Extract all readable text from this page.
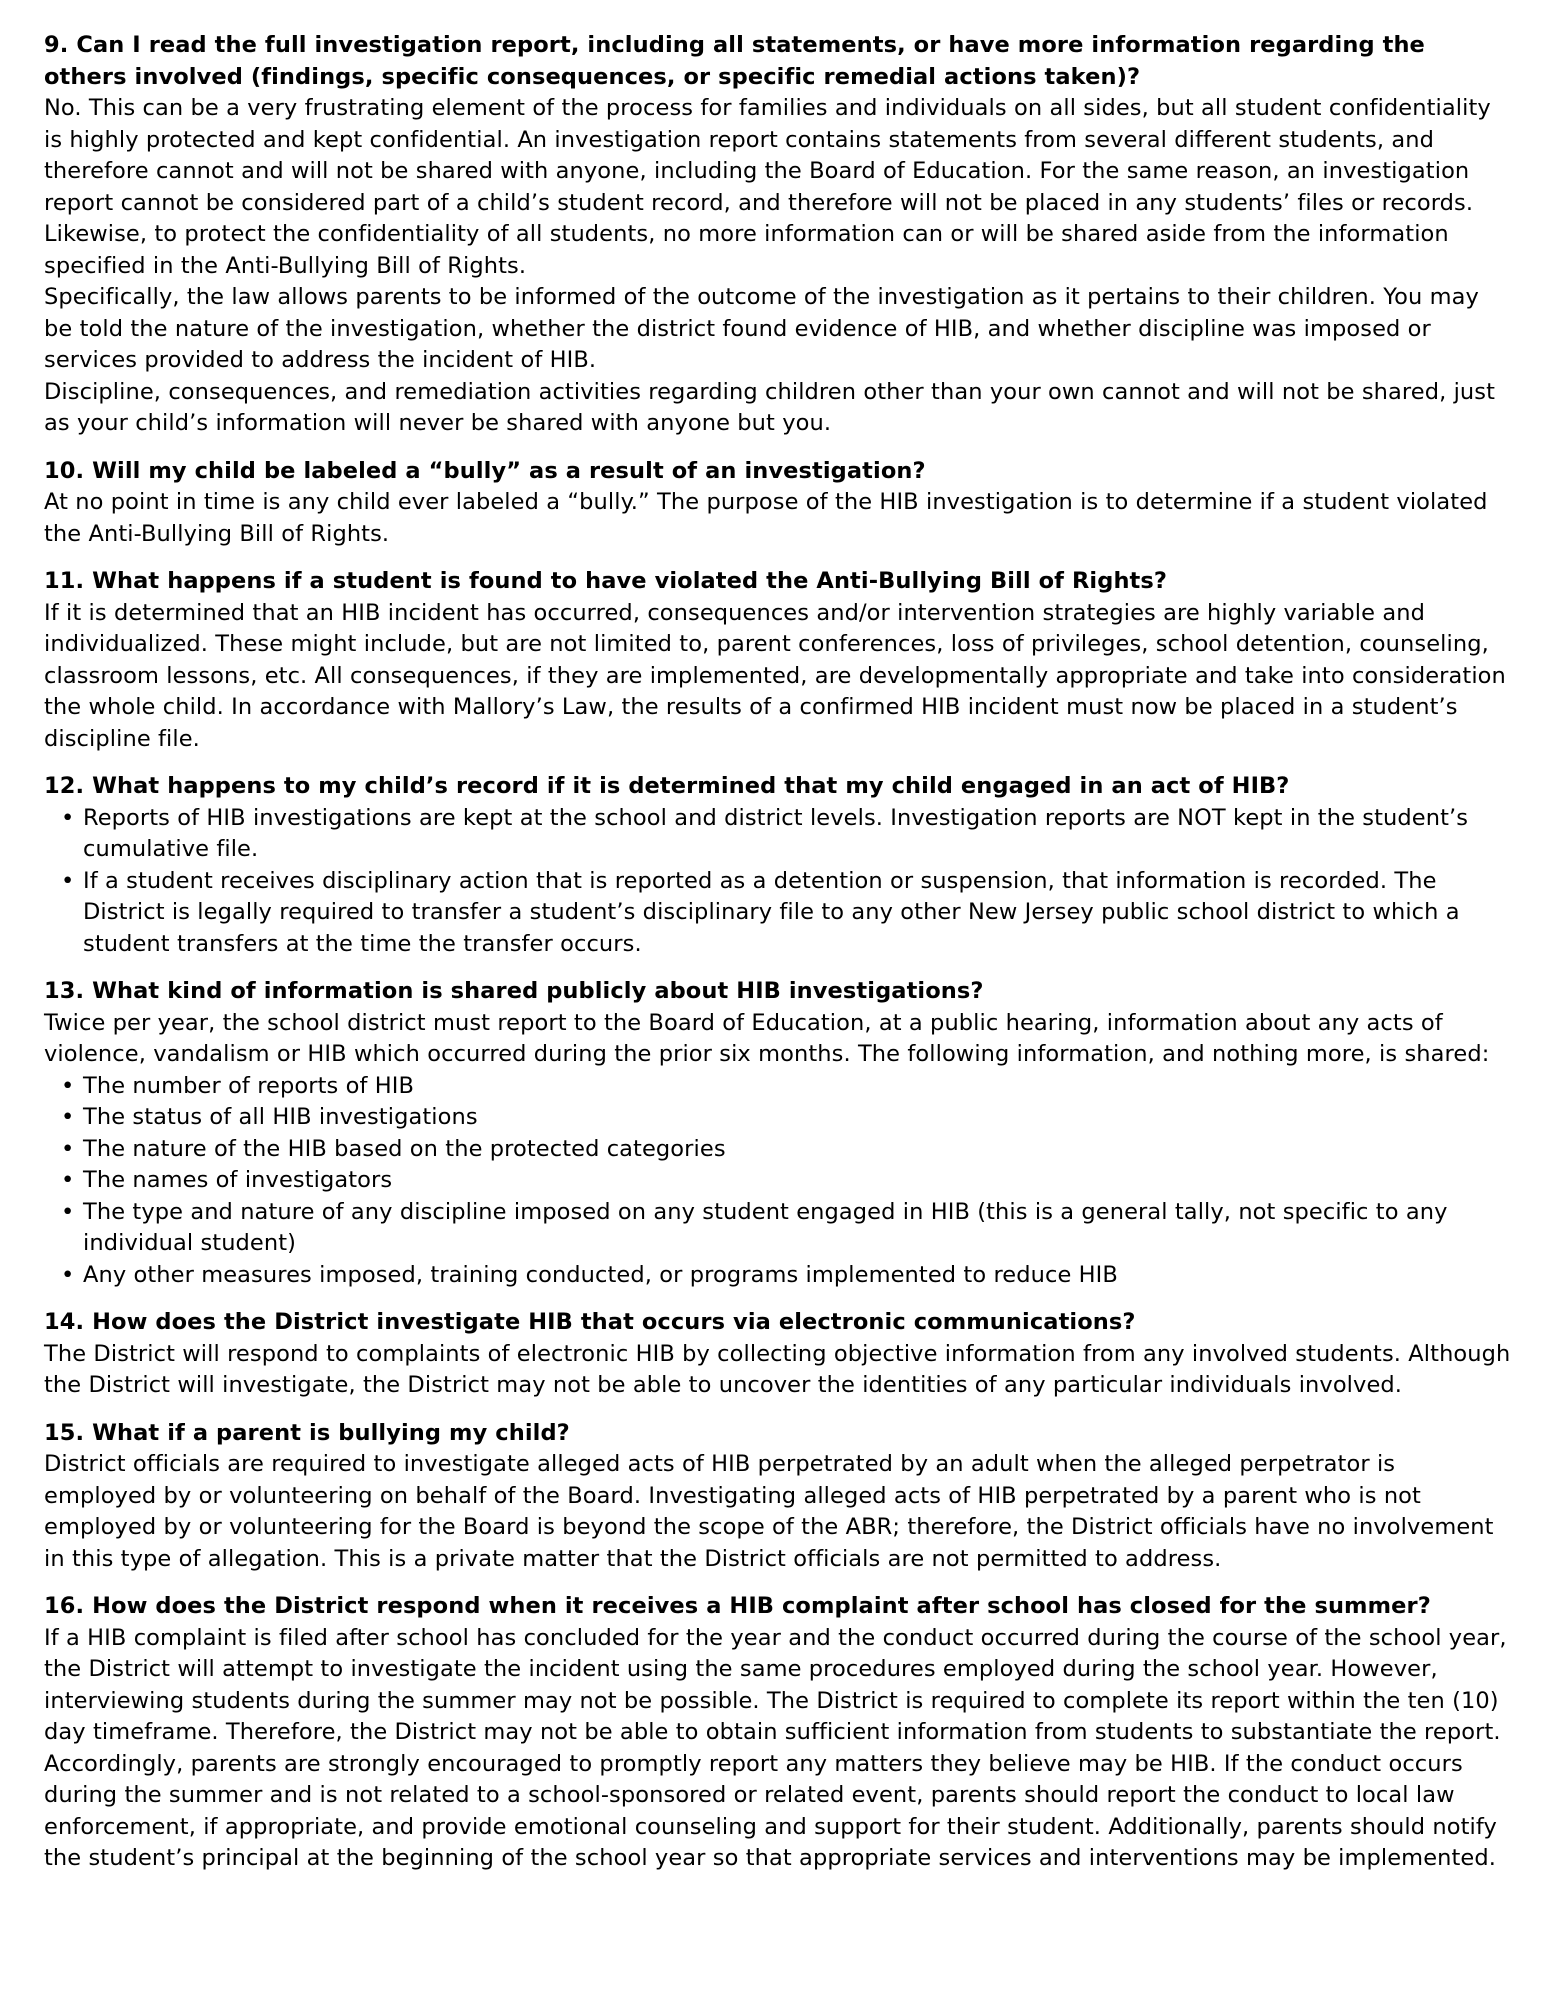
9. Can I read the full investigation report, including all statements, or have more information regarding the others involved (findings, specific consequences, or specific remedial actions taken)?

No. This can be a very frustrating element of the process for families and individuals on all sides, but all student confidentiality is highly protected and kept confidential. An investigation report contains statements from several different students, and therefore cannot and will not be shared with anyone, including the Board of Education. For the same reason, an investigation report cannot be considered part of a child’s student record, and therefore will not be placed in any students’ files or records. Likewise, to protect the confidentiality of all students, no more information can or will be shared aside from the information specified in the Anti-Bullying Bill of Rights.

Specifically, the law allows parents to be informed of the outcome of the investigation as it pertains to their children. You may be told the nature of the investigation, whether the district found evidence of HIB, and whether discipline was imposed or services provided to address the incident of HIB.

Discipline, consequences, and remediation activities regarding children other than your own cannot and will not be shared, just as your child’s information will never be shared with anyone but you.

10. Will my child be labeled a “bully” as a result of an investigation?

At no point in time is any child ever labeled a “bully.” The purpose of the HIB investigation is to determine if a student violated the Anti-Bullying Bill of Rights.

11. What happens if a student is found to have violated the Anti-Bullying Bill of Rights?

If it is determined that an HIB incident has occurred, consequences and/or intervention strategies are highly variable and individualized. These might include, but are not limited to, parent conferences, loss of privileges, school detention, counseling, classroom lessons, etc. All consequences, if they are implemented, are developmentally appropriate and take into consideration the whole child. In accordance with Mallory’s Law, the results of a confirmed HIB incident must now be placed in a student’s discipline file.

12. What happens to my child’s record if it is determined that my child engaged in an act of HIB?

• Reports of HIB investigations are kept at the school and district levels. Investigation reports are NOT kept in the student’s cumulative file.
• If a student receives disciplinary action that is reported as a detention or suspension, that information is recorded. The District is legally required to transfer a student’s disciplinary file to any other New Jersey public school district to which a student transfers at the time the transfer occurs.

13. What kind of information is shared publicly about HIB investigations?

Twice per year, the school district must report to the Board of Education, at a public hearing, information about any acts of violence, vandalism or HIB which occurred during the prior six months. The following information, and nothing more, is shared:

• The number of reports of HIB
• The status of all HIB investigations
• The nature of the HIB based on the protected categories
• The names of investigators
• The type and nature of any discipline imposed on any student engaged in HIB (this is a general tally, not specific to any individual student)
• Any other measures imposed, training conducted, or programs implemented to reduce HIB

14. How does the District investigate HIB that occurs via electronic communications?

The District will respond to complaints of electronic HIB by collecting objective information from any involved students. Although the District will investigate, the District may not be able to uncover the identities of any particular individuals involved.

15. What if a parent is bullying my child?

District officials are required to investigate alleged acts of HIB perpetrated by an adult when the alleged perpetrator is employed by or volunteering on behalf of the Board. Investigating alleged acts of HIB perpetrated by a parent who is not employed by or volunteering for the Board is beyond the scope of the ABR; therefore, the District officials have no involvement in this type of allegation. This is a private matter that the District officials are not permitted to address.

16. How does the District respond when it receives a HIB complaint after school has closed for the summer?

If a HIB complaint is filed after school has concluded for the year and the conduct occurred during the course of the school year, the District will attempt to investigate the incident using the same procedures employed during the school year. However, interviewing students during the summer may not be possible. The District is required to complete its report within the ten (10) day timeframe. Therefore, the District may not be able to obtain sufficient information from students to substantiate the report. Accordingly, parents are strongly encouraged to promptly report any matters they believe may be HIB. If the conduct occurs during the summer and is not related to a school-sponsored or related event, parents should report the conduct to local law enforcement, if appropriate, and provide emotional counseling and support for their student. Additionally, parents should notify the student’s principal at the beginning of the school year so that appropriate services and interventions may be implemented.
